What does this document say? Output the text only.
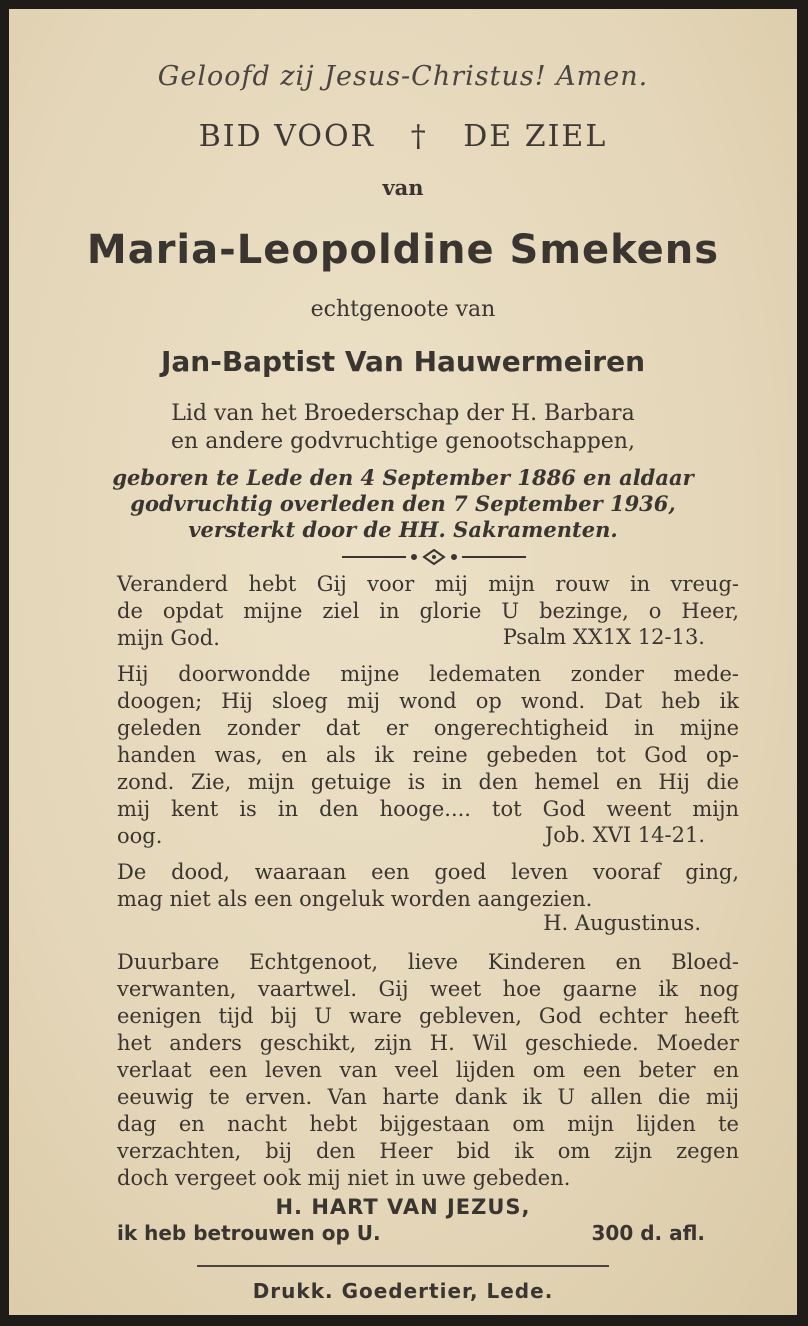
Geloofd zij Jesus-Christus! Amen.
BID VOOR † DE ZIEL
van
Maria-Leopoldine Smekens
echtgenoote van
Jan-Baptist Van Hauwermeiren
Lid van het Broederschap der H. Barbara
en andere godvruchtige genootschappen,
geboren te Lede den 4 September 1886 en aldaar
godvruchtig overleden den 7 September 1936,
versterkt door de HH. Sakramenten.
Veranderd hebt Gij voor mij mijn rouw in vreug-
de opdat mijne ziel in glorie U bezinge, o Heer,
mijn God.	Psalm XX1X 12-13.
Hij doorwondde mijne ledematen zonder mede-
doogen; Hij sloeg mij wond op wond. Dat heb ik
geleden zonder dat er ongerechtigheid in mijne
handen was, en als ik reine gebeden tot God op-
zond. Zie, mijn getuige is in den hemel en Hij die
mij kent is in den hooge.... tot God weent mijn
oog.	Job. XVI 14-21.
De dood, waaraan een goed leven vooraf ging,
mag niet als een ongeluk worden aangezien.
H. Augustinus.
Duurbare Echtgenoot, lieve Kinderen en Bloed-
verwanten, vaartwel. Gij weet hoe gaarne ik nog
eenigen tijd bij U ware gebleven, God echter heeft
het anders geschikt, zijn H. Wil geschiede. Moeder
verlaat een leven van veel lijden om een beter en
eeuwig te erven. Van harte dank ik U allen die mij
dag en nacht hebt bijgestaan om mijn lijden te
verzachten, bij den Heer bid ik om zijn zegen
doch vergeet ook mij niet in uwe gebeden.
H. HART VAN JEZUS,
ik heb betrouwen op U.	300 d. afl.
Drukk. Goedertier, Lede.
